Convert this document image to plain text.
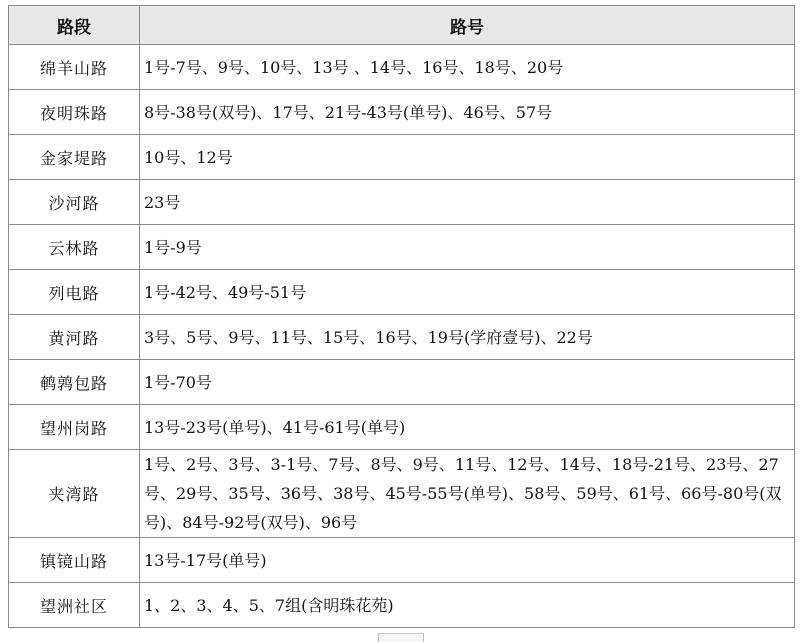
路段	路号
绵羊山路	1号-7号、9号、10号、13号 、14号、16号、18号、20号
夜明珠路	8号-38号(双号)、17号、21号-43号(单号)、46号、57号
金家堤路	10号、12号
沙河路	23号
云林路	1号-9号
列电路	1号-42号、49号-51号
黄河路	3号、5号、9号、11号、15号、16号、19号(学府壹号)、22号
鹌鹑包路	1号-70号
望州岗路	13号-23号(单号)、41号-61号(单号)
夹湾路	1号、2号、3号、3-1号、7号、8号、9号、11号、12号、14号、18号-21号、23号、27号、29号、35号、36号、38号、45号-55号(单号)、58号、59号、61号、66号-80号(双号)、84号-92号(双号)、96号
镇镜山路	13号-17号(单号)
望洲社区	1、2、3、4、5、7组(含明珠花苑)
